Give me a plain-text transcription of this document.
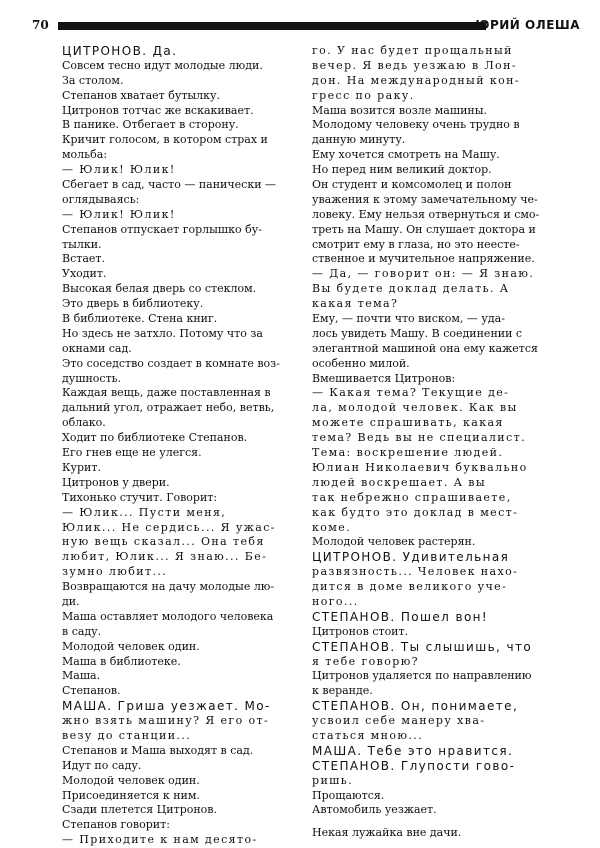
70	ЮРИЙ ОЛЕША
ЦИТРОНОВ. Да.
Совсем тесно идут молодые люди.
За столом.
Степанов хватает бутылку.
Цитронов тотчас же вскакивает.
В панике. Отбегает в сторону.
Кричит голосом, в котором страх и
мольба:
— Юлик! Юлик!
Сбегает в сад, часто — панически —
оглядываясь:
— Юлик! Юлик!
Степанов отпускает горлышко бу-
тылки.
Встает.
Уходит.
Высокая белая дверь со стеклом.
Это дверь в библиотеку.
В библиотеке. Стена книг.
Но здесь не затхло. Потому что за
окнами сад.
Это соседство создает в комнате воз-
душность.
Каждая вещь, даже поставленная в
дальний угол, отражает небо, ветвь,
облако.
Ходит по библиотеке Степанов.
Его гнев еще не улегся.
Курит.
Цитронов у двери.
Тихонько стучит. Говорит:
— Юлик... Пусти меня,
Юлик... Не сердись... Я ужас-
ную вещь сказал... Она тебя
любит, Юлик... Я знаю... Бе-
зумно любит...
Возвращаются на дачу молодые лю-
ди.
Маша оставляет молодого человека
в саду.
Молодой человек один.
Маша в библиотеке.
Маша.
Степанов.
МАША. Гриша уезжает. Мо-
жно взять машину? Я его от-
везу до станции...
Степанов и Маша выходят в сад.
Идут по саду.
Молодой человек один.
Присоединяется к ним.
Сзади плетется Цитронов.
Степанов говорит:
— Приходите к нам десято-
го. У нас будет прощальный
вечер. Я ведь уезжаю в Лон-
дон. На международный кон-
гресс по раку.
Маша возится возле машины.
Молодому человеку очень трудно в
данную минуту.
Ему хочется смотреть на Машу.
Но перед ним великий доктор.
Он студент и комсомолец и полон
уважения к этому замечательному че-
ловеку. Ему нельзя отвернуться и смо-
треть на Машу. Он слушает доктора и
смотрит ему в глаза, но это неесте-
ственное и мучительное напряжение.
— Да, — говорит он: — Я знаю.
Вы будете доклад делать. А
какая тема?
Ему, — почти что виском, — уда-
лось увидеть Машу. В соединении с
элегантной машиной она ему кажется
особенно милой.
Вмешивается Цитронов:
— Какая тема? Текущие де-
ла, молодой человек. Как вы
можете спрашивать, какая
тема? Ведь вы не специалист.
Тема: воскрешение людей.
Юлиан Николаевич буквально
людей воскрешает. А вы
так небрежно спрашиваете,
как будто это доклад в мест-
коме.
Молодой человек растерян.
ЦИТРОНОВ. Удивительная
развязность... Человек нахо-
дится в доме великого уче-
ного...
СТЕПАНОВ. Пошел вон!
Цитронов стоит.
СТЕПАНОВ. Ты слышишь, что
я тебе говорю?
Цитронов удаляется по направлению
к веранде.
СТЕПАНОВ. Он, понимаете,
усвоил себе манеру хва-
статься мною...
МАША. Тебе это нравится.
СТЕПАНОВ. Глупости гово-
ришь.
Прощаются.
Автомобиль уезжает.
Некая лужайка вне дачи.
